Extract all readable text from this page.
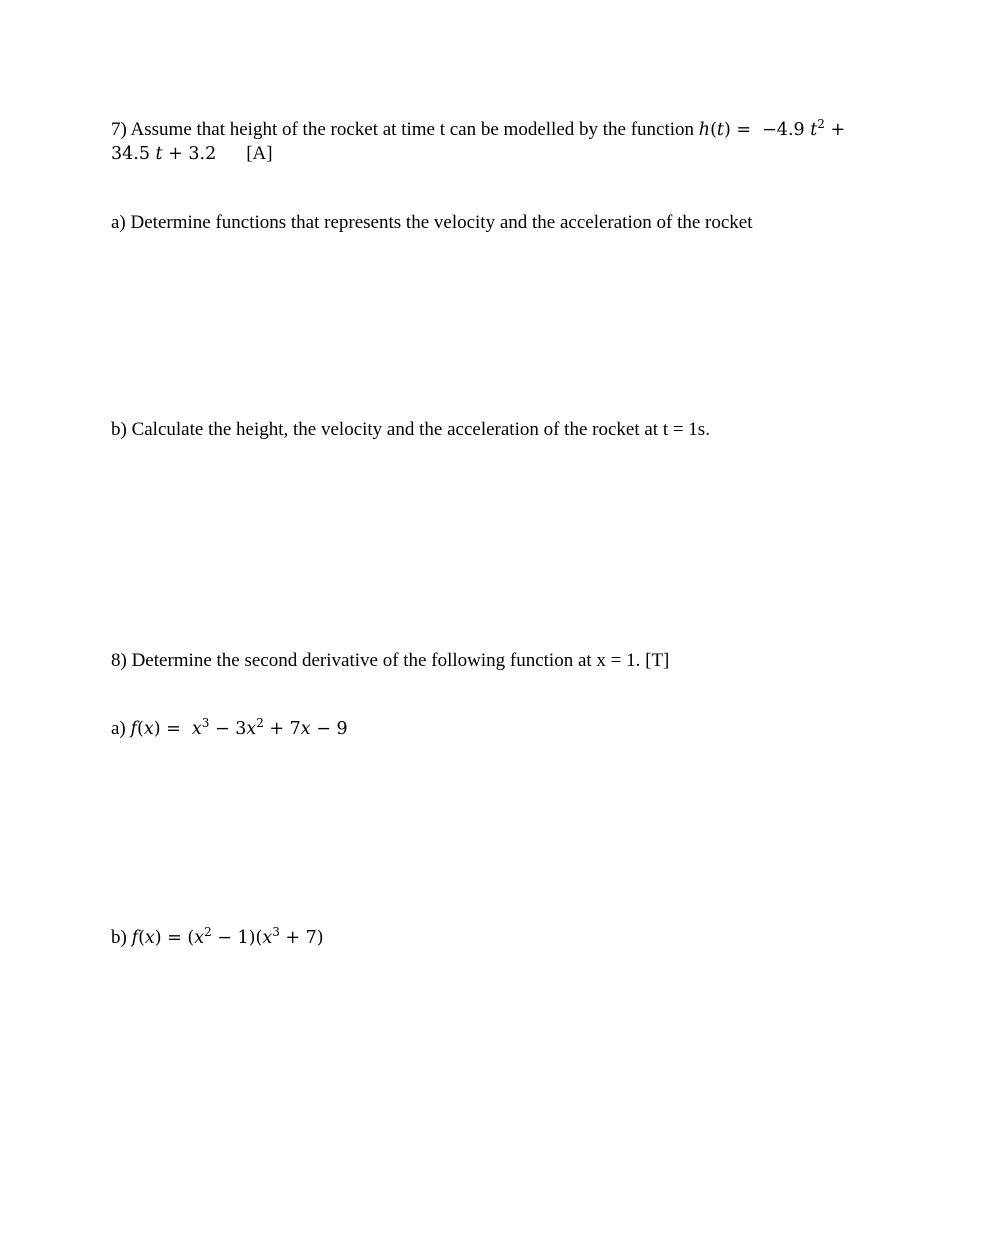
7) Assume that height of the rocket at time t can be modelled by the function h(t) =  −4.9 $t^2$ +
34.5 t + 3.2 [A]
a) Determine functions that represents the velocity and the acceleration of the rocket
b) Calculate the height, the velocity and the acceleration of the rocket at t = 1s.
8) Determine the second derivative of the following function at x = 1. [T]
a) $f(x) = x^3 - 3x^2 + 7x - 9$
b) $f(x) = (x^2 - 1)(x^3 + 7)$
